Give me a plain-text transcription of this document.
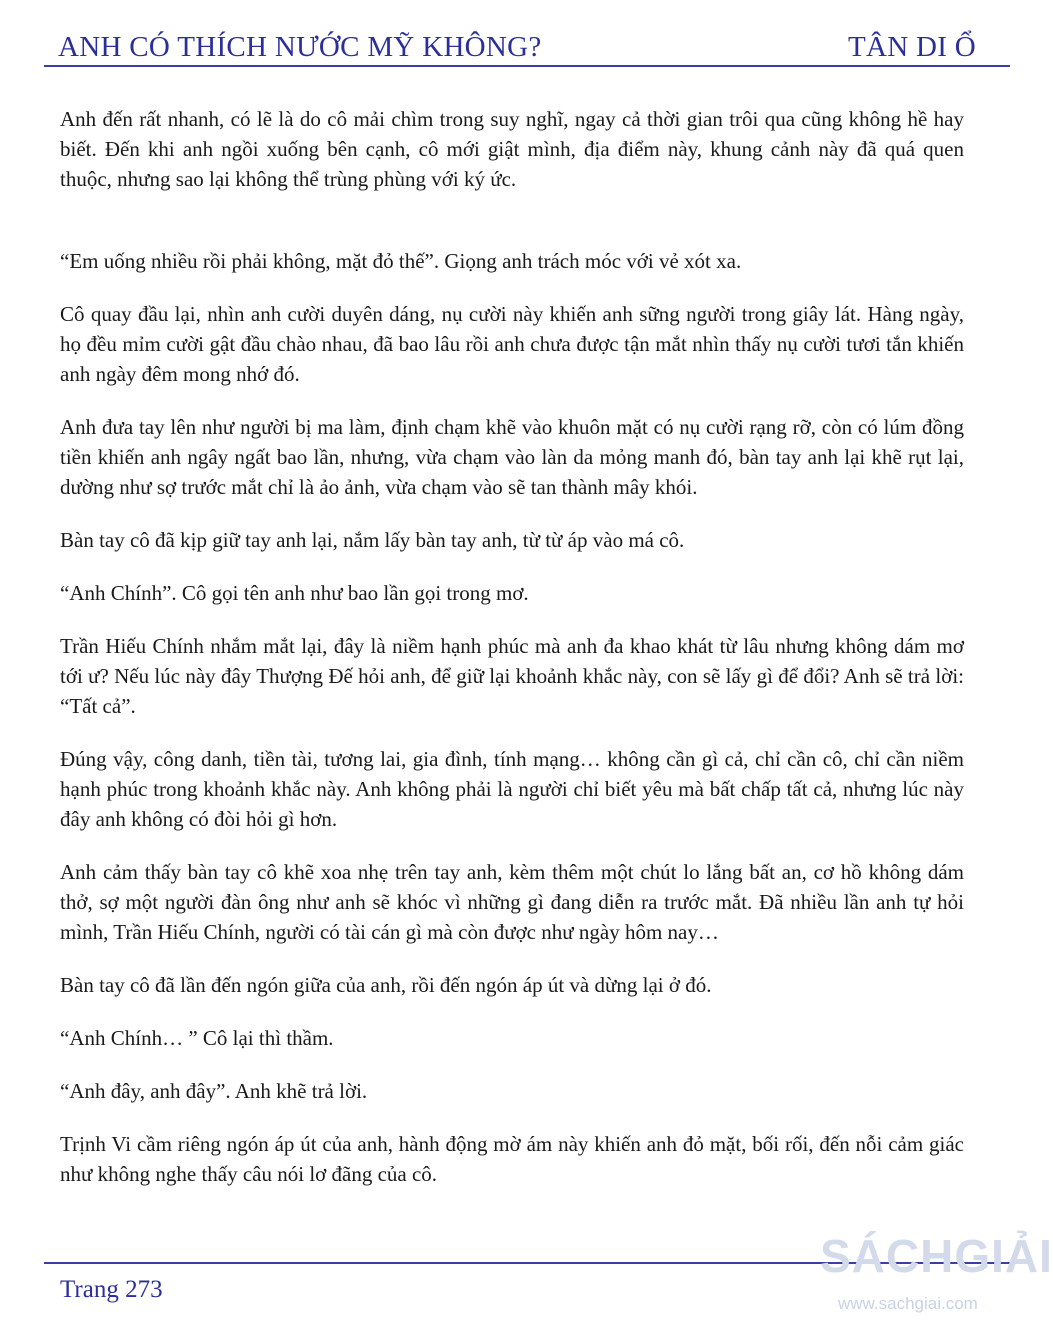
ANH CÓ THÍCH NƯỚC MỸ KHÔNG?	TÂN DI Ổ

Anh đến rất nhanh, có lẽ là do cô mải chìm trong suy nghĩ, ngay cả thời gian trôi qua cũng không hề hay biết. Đến khi anh ngồi xuống bên cạnh, cô mới giật mình, địa điểm này, khung cảnh này đã quá quen thuộc, nhưng sao lại không thể trùng phùng với ký ức.

“Em uống nhiều rồi phải không, mặt đỏ thế”. Giọng anh trách móc với vẻ xót xa.

Cô quay đầu lại, nhìn anh cười duyên dáng, nụ cười này khiến anh sững người trong giây lát. Hàng ngày, họ đều mỉm cười gật đầu chào nhau, đã bao lâu rồi anh chưa được tận mắt nhìn thấy nụ cười tươi tắn khiến anh ngày đêm mong nhớ đó.

Anh đưa tay lên như người bị ma làm, định chạm khẽ vào khuôn mặt có nụ cười rạng rỡ, còn có lúm đồng tiền khiến anh ngây ngất bao lần, nhưng, vừa chạm vào làn da mỏng manh đó, bàn tay anh lại khẽ rụt lại, dường như sợ trước mắt chỉ là ảo ảnh, vừa chạm vào sẽ tan thành mây khói.

Bàn tay cô đã kịp giữ tay anh lại, nắm lấy bàn tay anh, từ từ áp vào má cô.

“Anh Chính”. Cô gọi tên anh như bao lần gọi trong mơ.

Trần Hiếu Chính nhắm mắt lại, đây là niềm hạnh phúc mà anh đa khao khát từ lâu nhưng không dám mơ tới ư? Nếu lúc này đây Thượng Đế hỏi anh, để giữ lại khoảnh khắc này, con sẽ lấy gì để đổi? Anh sẽ trả lời: “Tất cả”.

Đúng vậy, công danh, tiền tài, tương lai, gia đình, tính mạng… không cần gì cả, chỉ cần cô, chỉ cần niềm hạnh phúc trong khoảnh khắc này. Anh không phải là người chỉ biết yêu mà bất chấp tất cả, nhưng lúc này đây anh không có đòi hỏi gì hơn.

Anh cảm thấy bàn tay cô khẽ xoa nhẹ trên tay anh, kèm thêm một chút lo lắng bất an, cơ hồ không dám thở, sợ một người đàn ông như anh sẽ khóc vì những gì đang diễn ra trước mắt. Đã nhiều lần anh tự hỏi mình, Trần Hiếu Chính, người có tài cán gì mà còn được như ngày hôm nay…

Bàn tay cô đã lần đến ngón giữa của anh, rồi đến ngón áp út và dừng lại ở đó.

“Anh Chính… ” Cô lại thì thầm.

“Anh đây, anh đây”. Anh khẽ trả lời.

Trịnh Vi cầm riêng ngón áp út của anh, hành động mờ ám này khiến anh đỏ mặt, bối rối, đến nỗi cảm giác như không nghe thấy câu nói lơ đãng của cô.

Trang 273
SÁCHGIẢI
www.sachgiai.com
